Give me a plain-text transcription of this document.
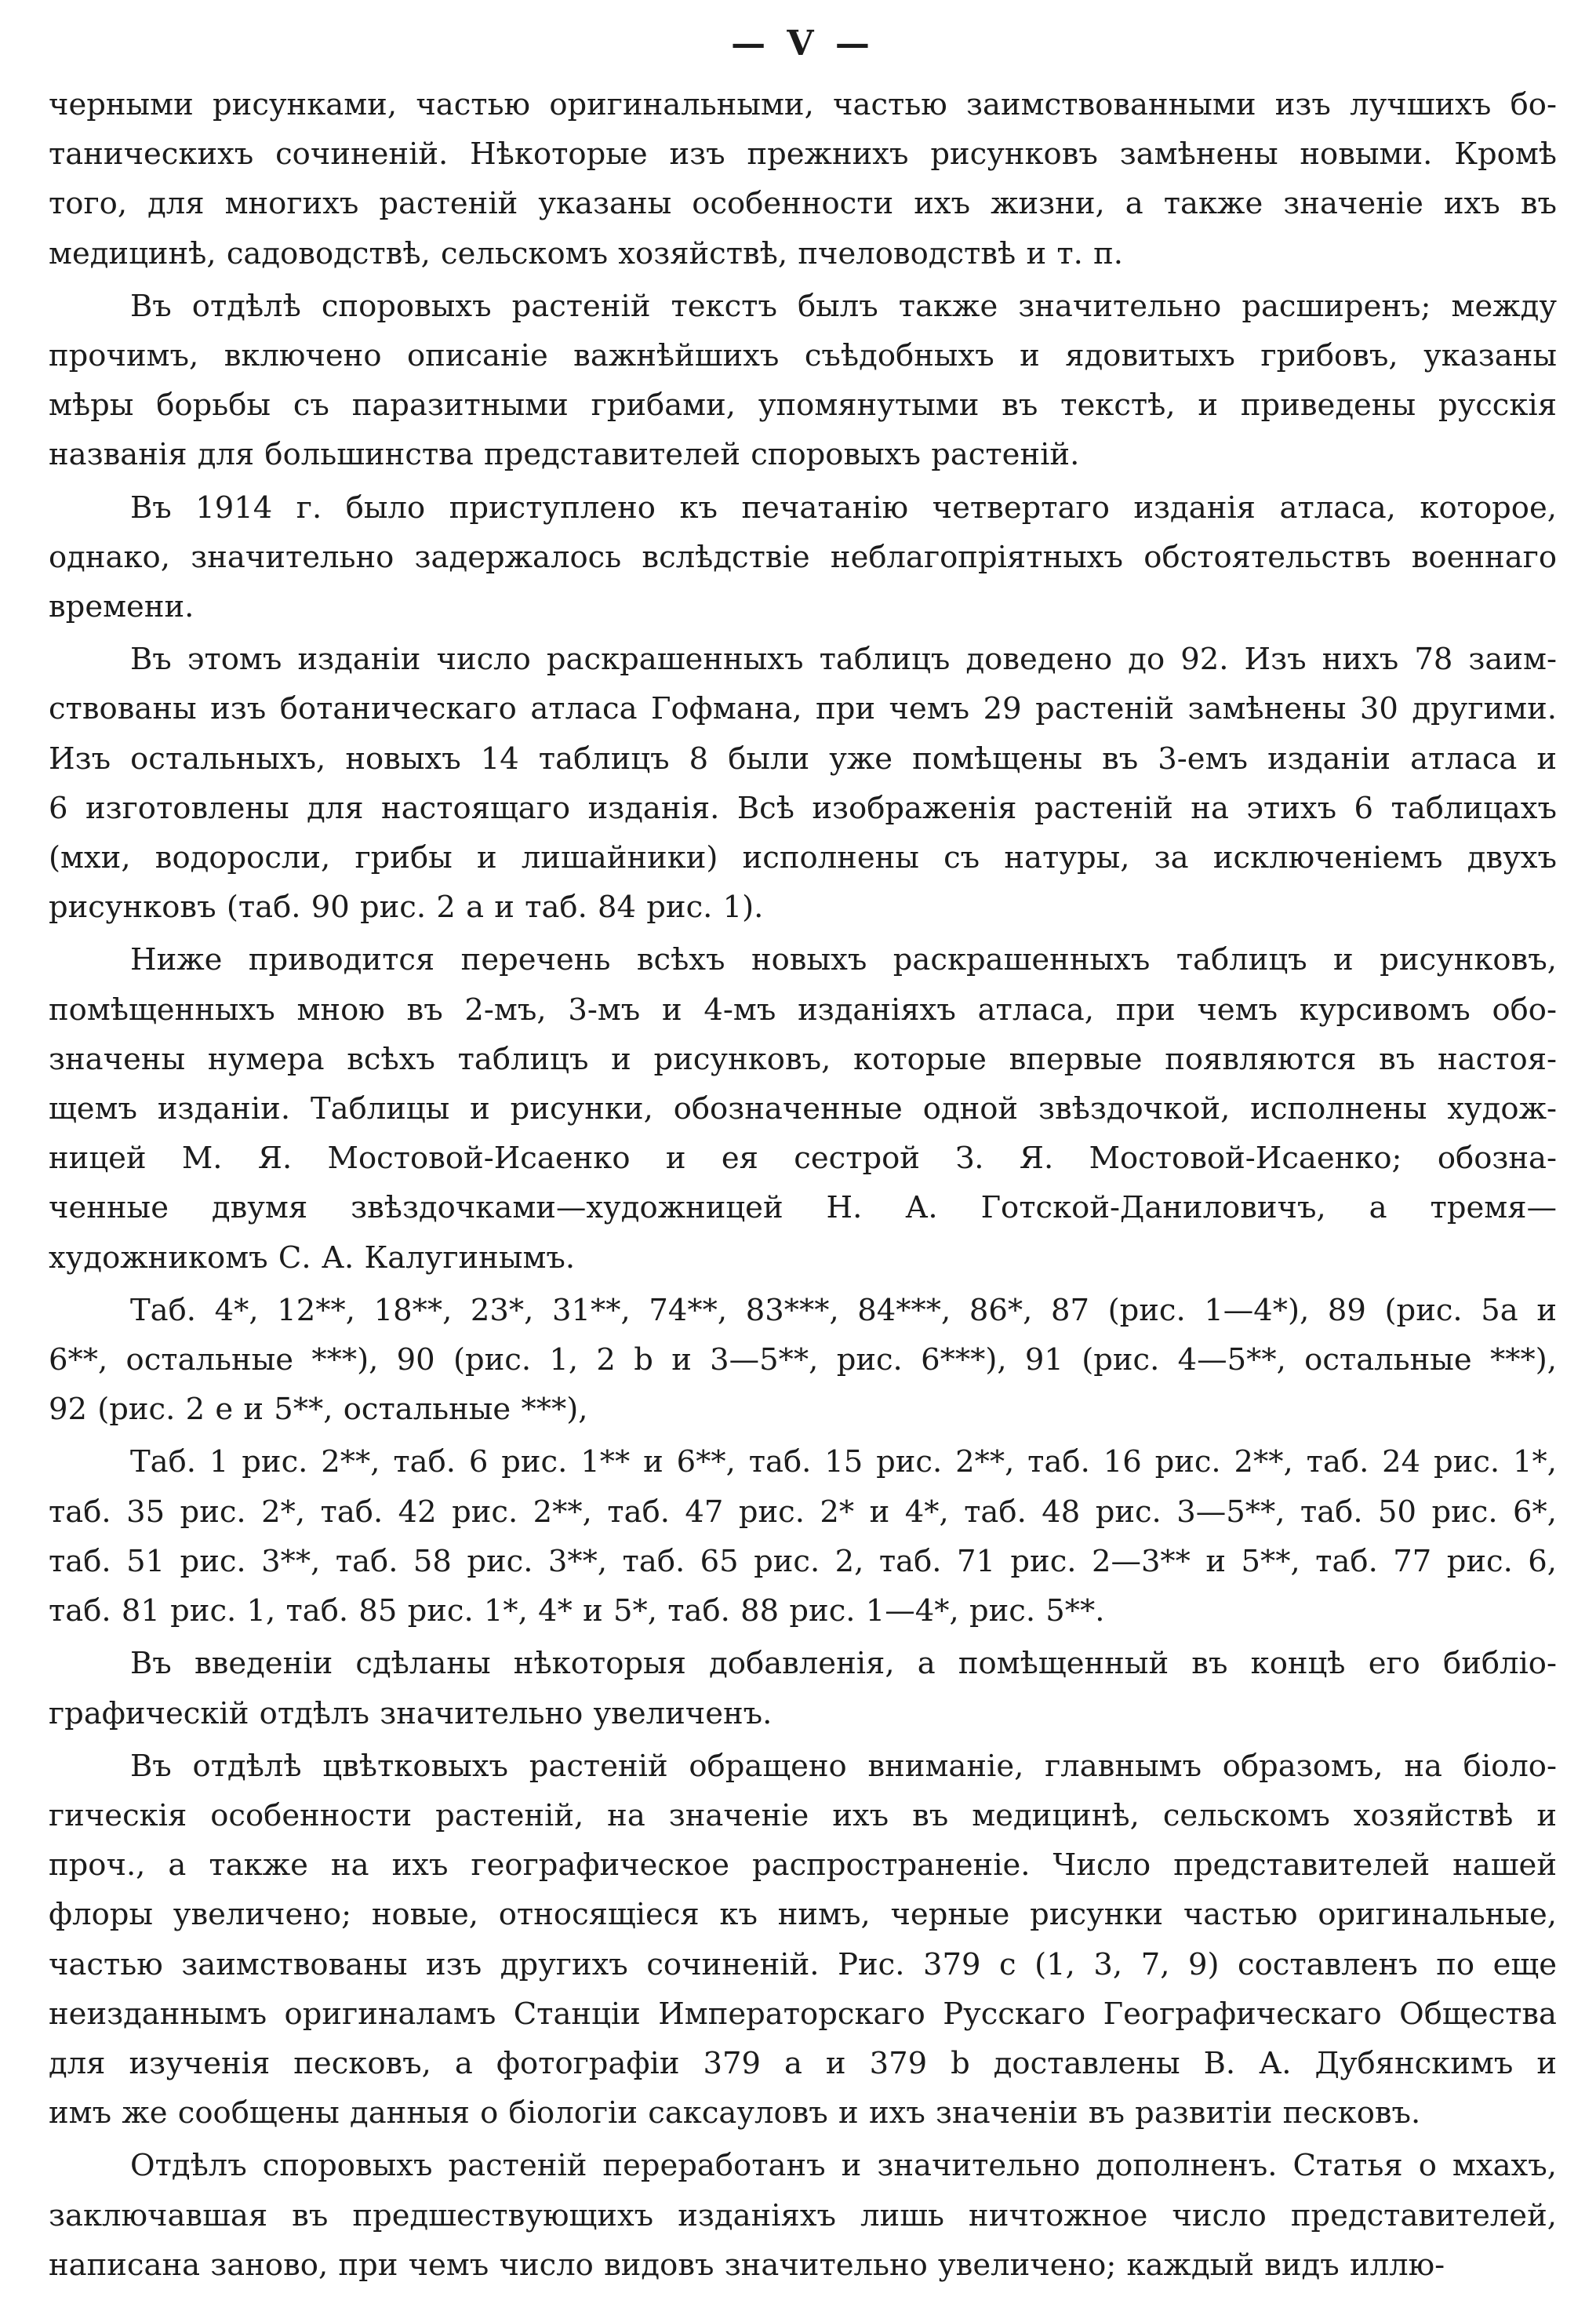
— V —
черными рисунками, частью оригинальными, частью заимствованными изъ лучшихъ бо-
таническихъ сочиненій. Нѣкоторые изъ прежнихъ рисунковъ замѣнены новыми. Кромѣ
того, для многихъ растеній указаны особенности ихъ жизни, а также значеніе ихъ въ
медицинѣ, садоводствѣ, сельскомъ хозяйствѣ, пчеловодствѣ и т. п.
Въ отдѣлѣ споровыхъ растеній текстъ былъ также значительно расширенъ; между
прочимъ, включено описаніе важнѣйшихъ съѣдобныхъ и ядовитыхъ грибовъ, указаны
мѣры борьбы съ паразитными грибами, упомянутыми въ текстѣ, и приведены русскія
названія для большинства представителей споровыхъ растеній.
Въ 1914 г. было приступлено къ печатанію четвертаго изданія атласа, которое,
однако, значительно задержалось вслѣдствіе неблагопріятныхъ обстоятельствъ военнаго
времени.
Въ этомъ изданіи число раскрашенныхъ таблицъ доведено до 92. Изъ нихъ 78 заим-
ствованы изъ ботаническаго атласа Гофмана, при чемъ 29 растеній замѣнены 30 другими.
Изъ остальныхъ, новыхъ 14 таблицъ 8 были уже помѣщены въ 3-емъ изданіи атласа и
6 изготовлены для настоящаго изданія. Всѣ изображенія растеній на этихъ 6 таблицахъ
(мхи, водоросли, грибы и лишайники) исполнены съ натуры, за исключеніемъ двухъ
рисунковъ (таб. 90 рис. 2 а и таб. 84 рис. 1).
Ниже приводится перечень всѣхъ новыхъ раскрашенныхъ таблицъ и рисунковъ,
помѣщенныхъ мною въ 2-мъ, 3-мъ и 4-мъ изданіяхъ атласа, при чемъ курсивомъ обо-
значены нумера всѣхъ таблицъ и рисунковъ, которые впервые появляются въ настоя-
щемъ изданіи. Таблицы и рисунки, обозначенные одной звѣздочкой, исполнены худож-
ницей М. Я. Мостовой-Исаенко и ея сестрой З. Я. Мостовой-Исаенко; обозна-
ченные двумя звѣздочками—художницей Н. А. Готской-Даниловичъ, а тремя—
художникомъ С. А. Калугинымъ.
Таб. 4*, 12**, 18**, 23*, 31**, 74**, 83***, 84***, 86*, 87 (рис. 1—4*), 89 (рис. 5а и
6**, остальные ***), 90 (рис. 1, 2 b и 3—5**, рис. 6***), 91 (рис. 4—5**, остальные ***),
92 (рис. 2 е и 5**, остальные ***),
Таб. 1 рис. 2**, таб. 6 рис. 1** и 6**, таб. 15 рис. 2**, таб. 16 рис. 2**, таб. 24 рис. 1*,
таб. 35 рис. 2*, таб. 42 рис. 2**, таб. 47 рис. 2* и 4*, таб. 48 рис. 3—5**, таб. 50 рис. 6*,
таб. 51 рис. 3**, таб. 58 рис. 3**, таб. 65 рис. 2, таб. 71 рис. 2—3** и 5**, таб. 77 рис. 6,
таб. 81 рис. 1, таб. 85 рис. 1*, 4* и 5*, таб. 88 рис. 1—4*, рис. 5**.
Въ введеніи сдѣланы нѣкоторыя добавленія, а помѣщенный въ концѣ его библіо-
графическій отдѣлъ значительно увеличенъ.
Въ отдѣлѣ цвѣтковыхъ растеній обращено вниманіе, главнымъ образомъ, на біоло-
гическія особенности растеній, на значеніе ихъ въ медицинѣ, сельскомъ хозяйствѣ и
проч., а также на ихъ географическое распространеніе. Число представителей нашей
флоры увеличено; новые, относящіеся къ нимъ, черные рисунки частью оригинальные,
частью заимствованы изъ другихъ сочиненій. Рис. 379 с (1, 3, 7, 9) составленъ по еще
неизданнымъ оригиналамъ Станціи Императорскаго Русскаго Географическаго Общества
для изученія песковъ, а фотографіи 379 а и 379 b доставлены В. А. Дубянскимъ и
имъ же сообщены данныя о біологіи саксауловъ и ихъ значеніи въ развитіи песковъ.
Отдѣлъ споровыхъ растеній переработанъ и значительно дополненъ. Статья о мхахъ,
заключавшая въ предшествующихъ изданіяхъ лишь ничтожное число представителей,
написана заново, при чемъ число видовъ значительно увеличено; каждый видъ иллю-
